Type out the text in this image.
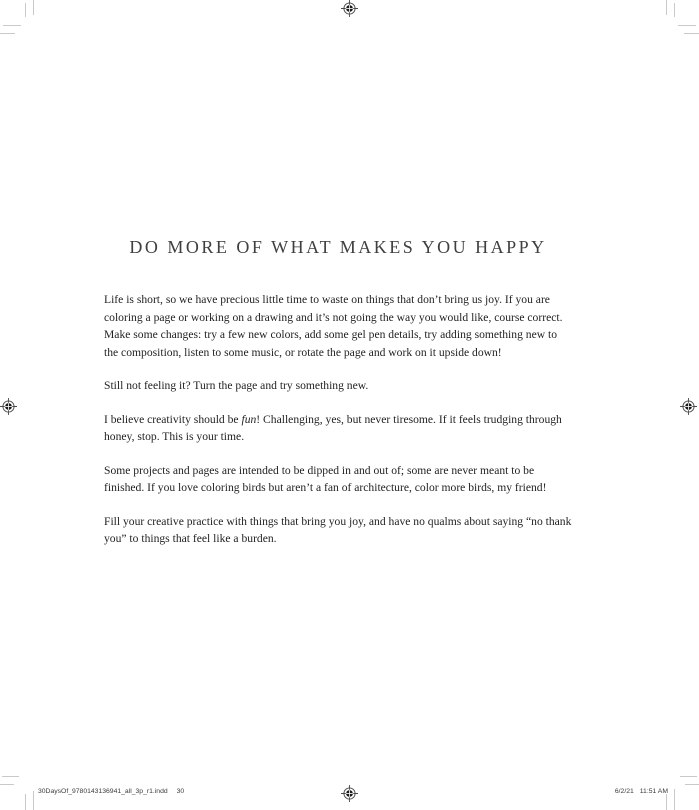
DO MORE OF WHAT MAKES YOU HAPPY

Life is short, so we have precious little time to waste on things that don’t bring us joy. If you are coloring a page or working on a drawing and it’s not going the way you would like, course correct. Make some changes: try a few new colors, add some gel pen details, try adding something new to the composition, listen to some music, or rotate the page and work on it upside down!

Still not feeling it? Turn the page and try something new.

I believe creativity should be fun! Challenging, yes, but never tiresome. If it feels trudging through honey, stop. This is your time.

Some projects and pages are intended to be dipped in and out of; some are never meant to be finished. If you love coloring birds but aren’t a fan of architecture, color more birds, my friend!

Fill your creative practice with things that bring you joy, and have no qualms about saying “no thank you” to things that feel like a burden.

30DaysOf_9780143136941_all_3p_r1.indd 30	6/2/21 11:51 AM
